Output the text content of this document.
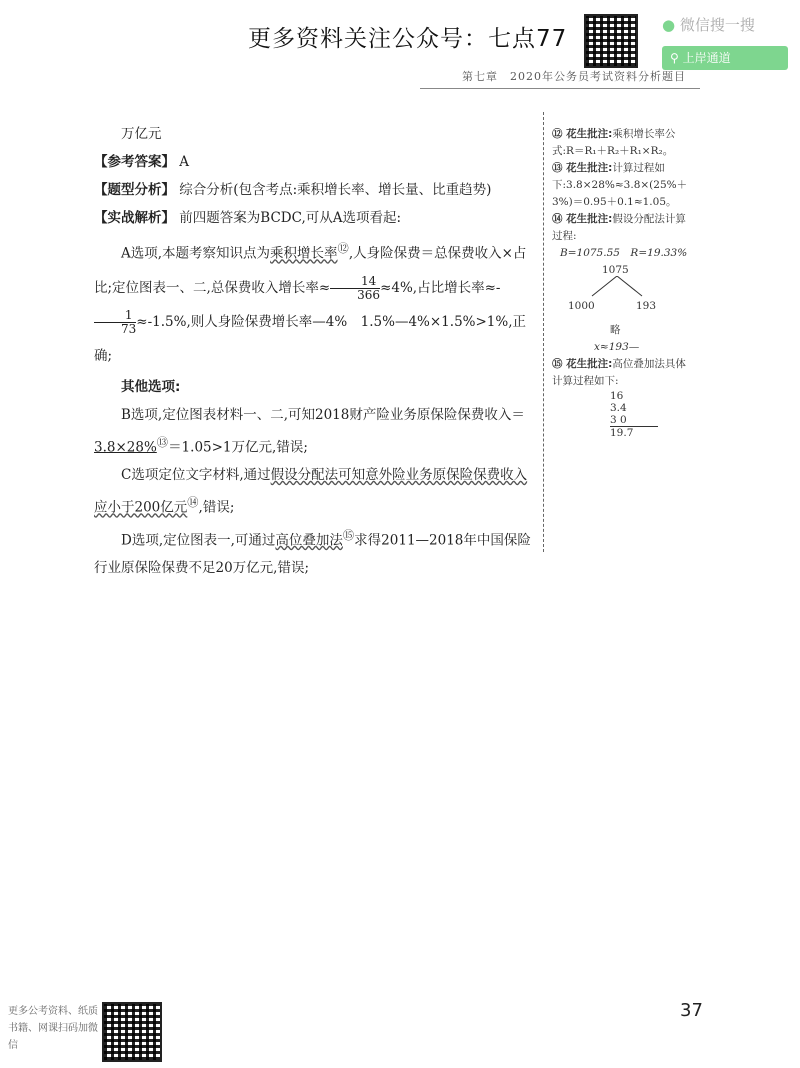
更多资料关注公众号：七点77
● 微信搜一搜
⚲ 上岸通道
第七章　2020年公务员考试资料分析题目

万亿元

【参考答案】 A

【题型分析】 综合分析(包含考点:乘积增长率、增长量、比重趋势)

【实战解析】 前四题答案为BCDC,可从A选项看起:

A选项,本题考察知识点为乘积增长率⑫,人身险保费＝总保费收入×占比;定位图表一、二,总保费收入增长率≈ $\frac{14}{366} \approx 4\%$,占比增长率≈-
$\frac{1}{73} \approx-1.5\%$,则人身险保费增长率—4%　1.5%—4%×1.5%>1%,正确;

其他选项:

B选项,定位图表材料一、二,可知2018财产险业务原保险保费收入＝3.8×28%⑬＝1.05>1万亿元,错误;

C选项定位文字材料,通过假设分配法可知意外险业务原保险保费收入应小于200亿元⑭,错误;

D选项,定位图表一,可通过高位叠加法⑮求得2011—2018年中国保险行业原保险保费不足20万亿元,错误;

⑫ 花生批注:乘积增长率公式:R＝R₁＋R₂＋R₁×R₂。

⑬ 花生批注:计算过程如下:3.8×28%≈3.8×(25%＋3%)＝0.95＋0.1≈1.05。

⑭ 花生批注:假设分配法计算过程:

B=1075.55　R=19.33%

1075
1000	193

略

x≈193—

⑮ 花生批注:高位叠加法具体计算过程如下:

16
3.4
3 0
19.7
更多公考资料、纸质书籍、网课扫码加微信
37
